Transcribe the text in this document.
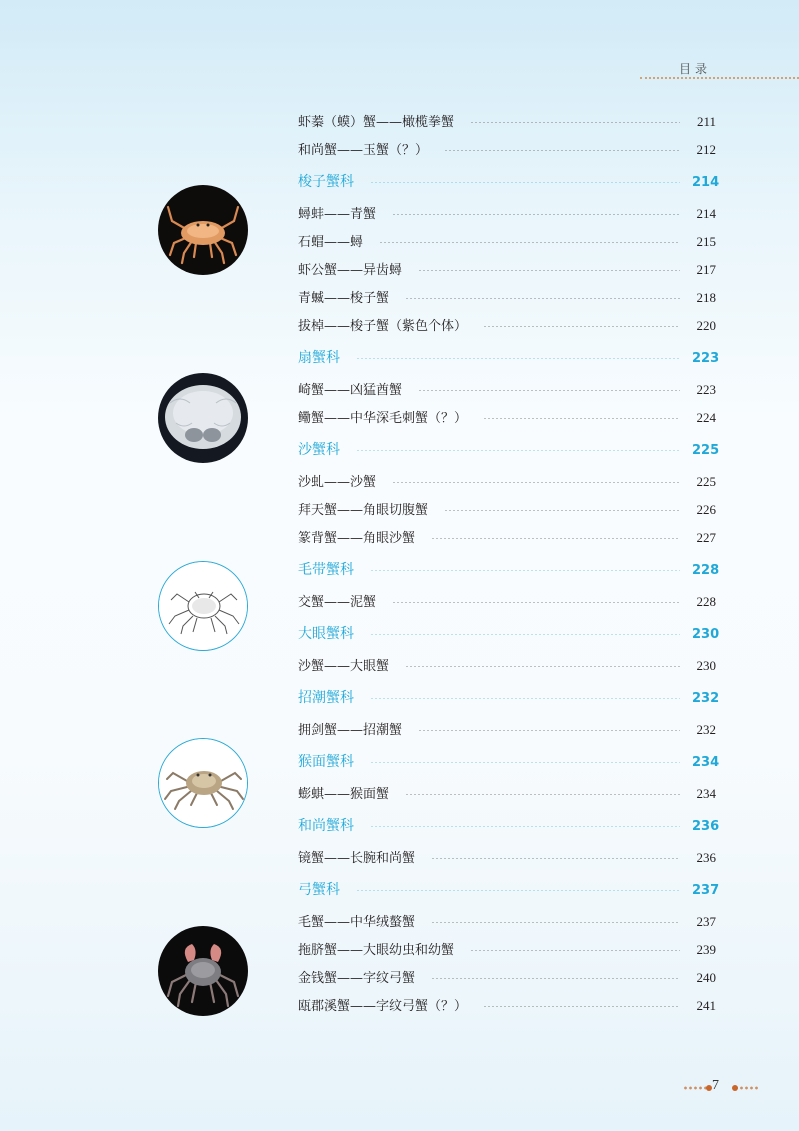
目录
虾蓁（蟆）蟹——橄榄拳蟹	211
和尚蟹——玉蟹（？）	212
梭子蟹科	214
蟳蚌——青蟹	214
石蝐——蟳	215
虾公蟹——异齿蟳	217
青蝛——梭子蟹	218
拔棹——梭子蟹（紫色个体）	220
扇蟹科	223
崎蟹——凶猛酋蟹	223
鳓蟹——中华深毛刺蟹（？）	224
沙蟹科	225
沙虬——沙蟹	225
拜天蟹——角眼切腹蟹	226
篆背蟹——角眼沙蟹	227
毛带蟹科	228
交蟹——泥蟹	228
大眼蟹科	230
沙蟹——大眼蟹	230
招潮蟹科	232
拥剑蟹——招潮蟹	232
猴面蟹科	234
蟛蜞——猴面蟹	234
和尚蟹科	236
镜蟹——长腕和尚蟹	236
弓蟹科	237
毛蟹——中华绒螯蟹	237
拖脐蟹——大眼幼虫和幼蟹	239
金钱蟹——字纹弓蟹	240
瓯郡溪蟹——字纹弓蟹（？）	241
7
